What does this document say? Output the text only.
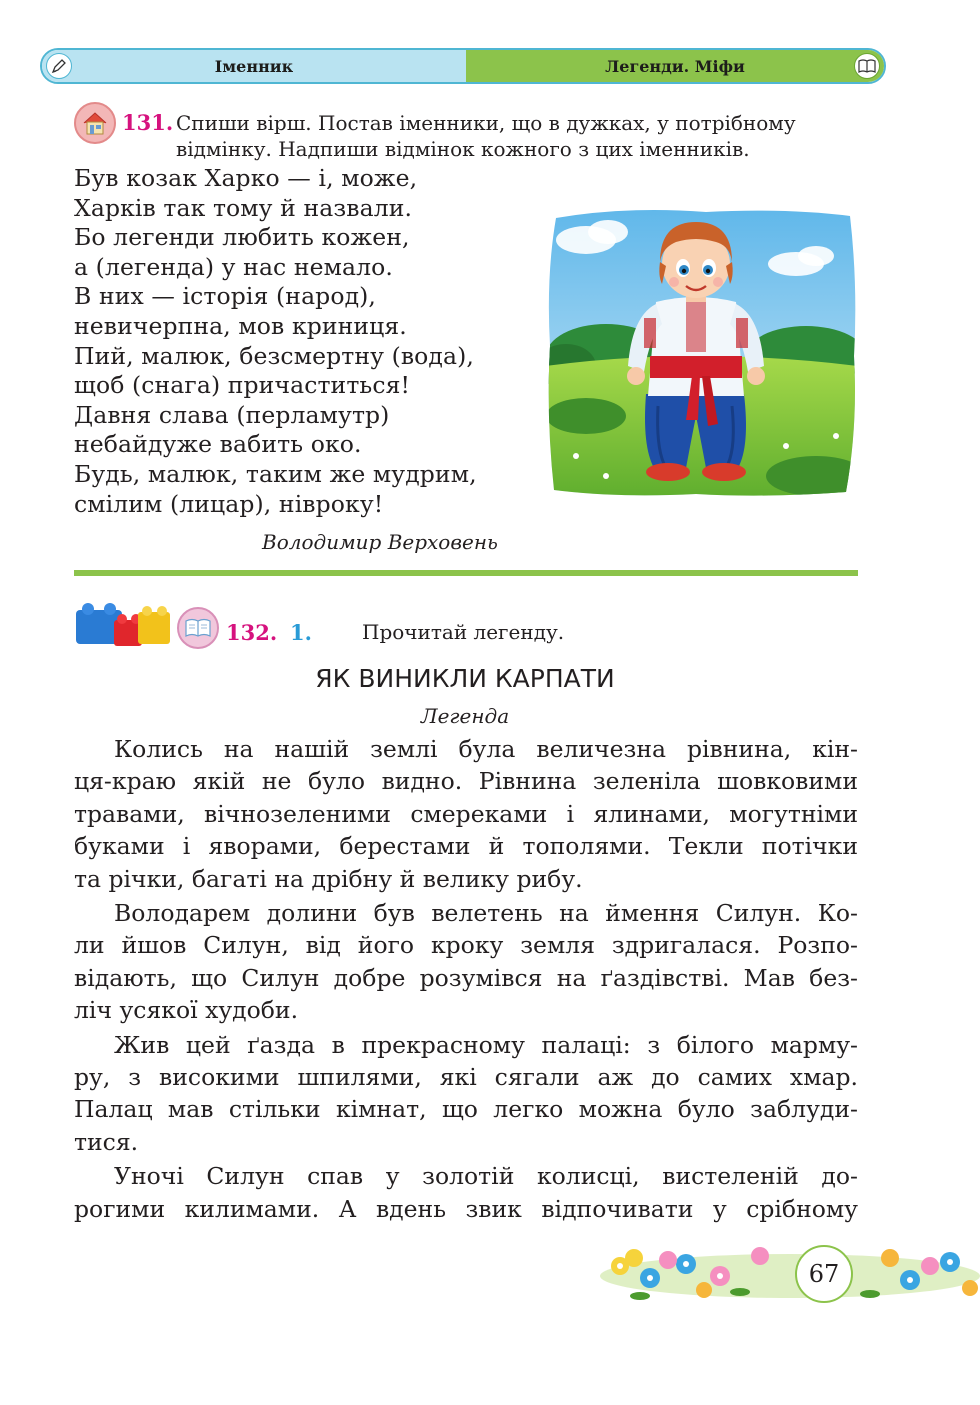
Іменник	Легенди. Міфи
131. Спиши вірш. Постав іменники, що в дужках, у потрібному
відмінку. Надпиши відмінок кожного з цих іменників.
Був козак Харко — і, може,
Харків так тому й назвали.
Бо легенди любить кожен,
а (легенда) у нас немало.
В них — історія (народ),
невичерпна, мов криниця.
Пий, малюк, безсмертну (вода),
щоб (снага) причаститься!
Давня слава (перламутр)
небайдуже вабить око.
Будь, малюк, таким же мудрим,
смілим (лицар), нівроку!
Володимир Верховень
132. 1.	Прочитай легенду.
ЯК ВИНИКЛИ КАРПАТИ
Легенда

Колись на нашій землі була величезна рівнина, кін-
ця-краю якій не було видно. Рівнина зеленіла шовковими
травами, вічнозеленими смереками і ялинами, могутніми
буками і яворами, берестами й тополями. Текли потічки
та річки, багаті на дрібну й велику рибу.

Володарем долини був велетень на ймення Силун. Ко-
ли йшов Силун, від його кроку земля здригалася. Розпо-
відають, що Силун добре розумівся на ґаздівстві. Мав без-
ліч усякої худоби.

Жив цей ґазда в прекрасному палаці: з білого марму-
ру, з високими шпилями, які сягали аж до самих хмар.
Палац мав стільки кімнат, що легко можна було заблуди-
тися.

Уночі Силун спав у золотій колисці, вистеленій до-
рогими килимами. А вдень звик відпочивати у срібному

67
